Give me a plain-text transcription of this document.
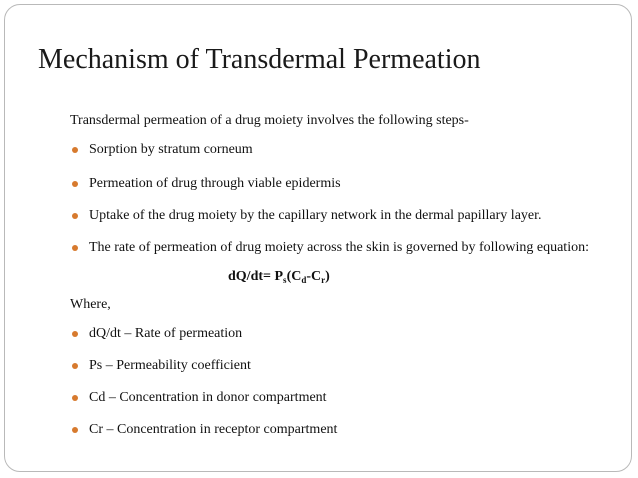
Mechanism of Transdermal Permeation
Transdermal permeation of a drug moiety involves the following steps-
Sorption by stratum corneum
Permeation of drug through viable epidermis
Uptake of the drug moiety by the capillary network in the dermal papillary layer.
The rate of permeation of drug moiety across the skin is governed by following equation:
$dQ/dt= P_s(C_d-C_r)$
Where,
dQ/dt – Rate of permeation
Ps – Permeability coefficient
Cd – Concentration in donor compartment
Cr – Concentration in receptor compartment
